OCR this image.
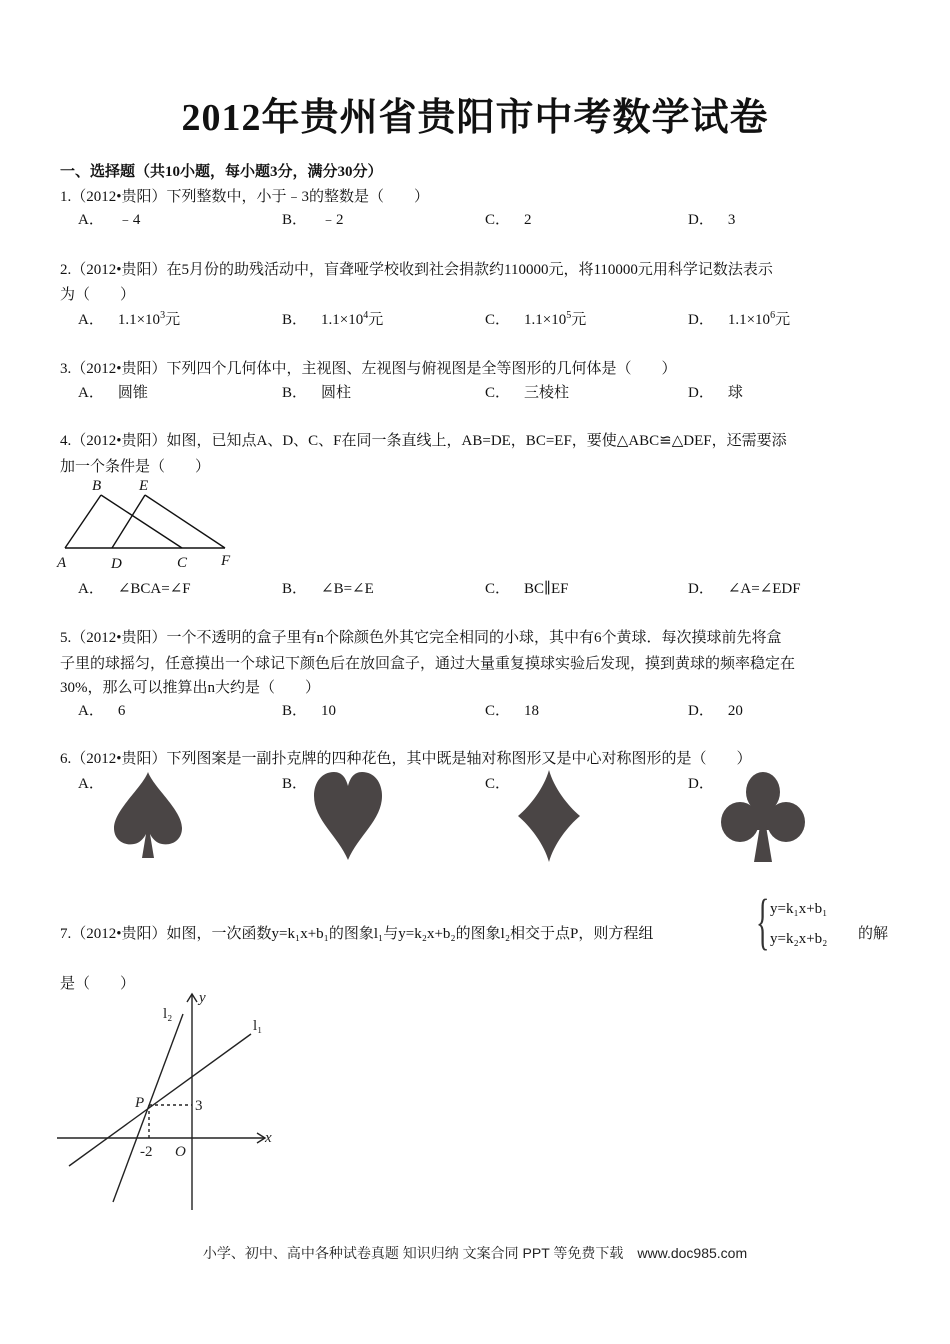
2012年贵州省贵阳市中考数学试卷
一、选择题（共10小题，每小题3分，满分30分）
1.（2012•贵阳）下列整数中，小于﹣3的整数是（　　）
A． ﹣4	B． ﹣2	C． 2	D． 3
2.（2012•贵阳）在5月份的助残活动中，盲聋哑学校收到社会捐款约110000元，将110000元用科学记数法表示
为（　　）
A． $1.1\times 10^3$元	B． $1.1\times 10^4$元	C． $1.1\times 10^5$元	D． $1.1\times 10^6$元
3.（2012•贵阳）下列四个几何体中，主视图、左视图与俯视图是全等图形的几何体是（　　）
A． 圆锥	B． 圆柱	C． 三棱柱	D． 球
4.（2012•贵阳）如图，已知点A、D、C、F在同一条直线上，AB=DE，BC=EF，要使△ABC≌△DEF，还需要添
加一个条件是（　　）
B	E
A	D	C F
A． ∠BCA=∠F	B． ∠B=∠E	C． BC∥EF	D． ∠A=∠EDF
5.（2012•贵阳）一个不透明的盒子里有n个除颜色外其它完全相同的小球，其中有6个黄球．每次摸球前先将盒
子里的球摇匀，任意摸出一个球记下颜色后在放回盒子，通过大量重复摸球实验后发现，摸到黄球的频率稳定在
30%，那么可以推算出n大约是（　　）
A． 6	B． 10	C． 18	D． 20
6.（2012•贵阳）下列图案是一副扑克牌的四种花色，其中既是轴对称图形又是中心对称图形的是（　　）
A．	B．	C．	D．
7.（2012•贵阳）如图，一次函数y=k₁x+b₁的图象l₁与y=k₂x+b₂的图象l₂相交于点P，则方程组 { y=k₁x+b₁
y=k₂x+b₂ 的解
是（　　）
y
x
O
P	3
-2
l₁
l₂
小学、初中、高中各种试卷真题 知识归纳 文案合同 PPT 等免费下载　www.doc985.com
